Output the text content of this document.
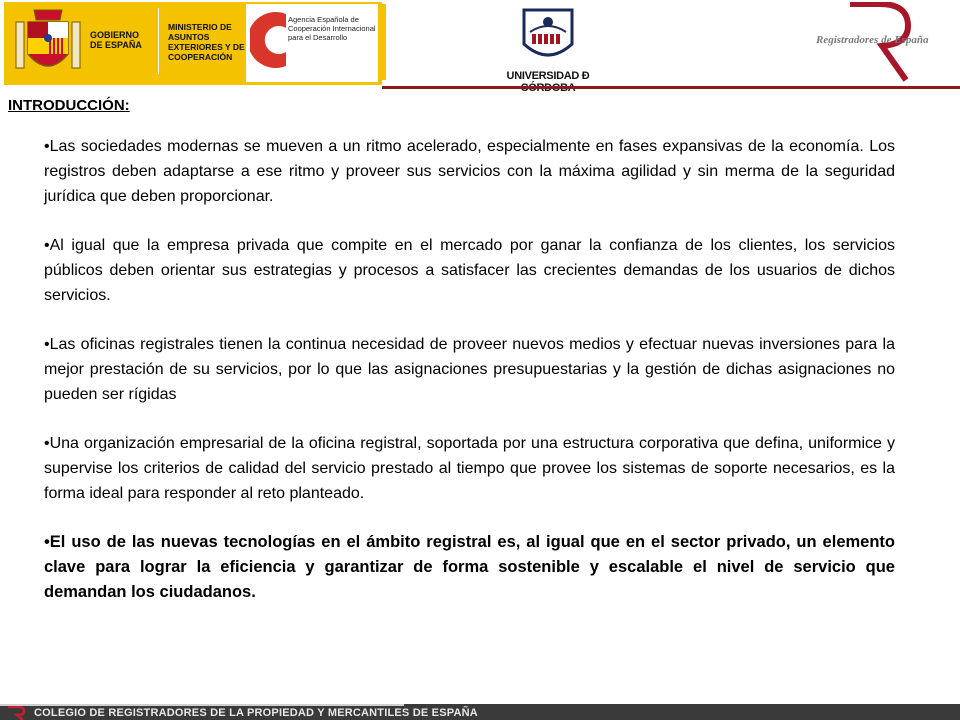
GOBIERNO DE ESPAÑA
MINISTERIO DE ASUNTOS EXTERIORES Y DE COOPERACIÓN
Agencia Española de Cooperación Internacional para el Desarrollo
UNIVERSIDAD Ð
Registradores de España
INTRODUCCIÓN:

•Las sociedades modernas se mueven a un ritmo acelerado, especialmente en fases expansivas de la economía. Los registros deben adaptarse a ese ritmo y proveer sus servicios con la máxima agilidad y sin merma de la seguridad jurídica que deben proporcionar.

•Al igual que la empresa privada que compite en el mercado por ganar la confianza de los clientes, los servicios públicos deben orientar sus estrategias y procesos a satisfacer las crecientes demandas de los usuarios de dichos servicios.

•Las oficinas registrales tienen la continua necesidad de proveer nuevos medios y efectuar nuevas inversiones para la mejor prestación de su servicios, por lo que las asignaciones presupuestarias y la gestión de dichas asignaciones no pueden ser rígidas

•Una organización empresarial de la oficina registral, soportada por una estructura corporativa que defina, uniformice y supervise los criterios de calidad del servicio prestado al tiempo que provee los sistemas de soporte necesarios, es la forma ideal para responder al reto planteado.

•El uso de las nuevas tecnologías en el ámbito registral es, al igual que en el sector privado, un elemento clave para lograr la eficiencia y garantizar de forma sostenible y escalable el nivel de servicio que demandan los ciudadanos.

COLEGIO DE REGISTRADORES DE LA PROPIEDAD Y MERCANTILES DE ESPAÑA
